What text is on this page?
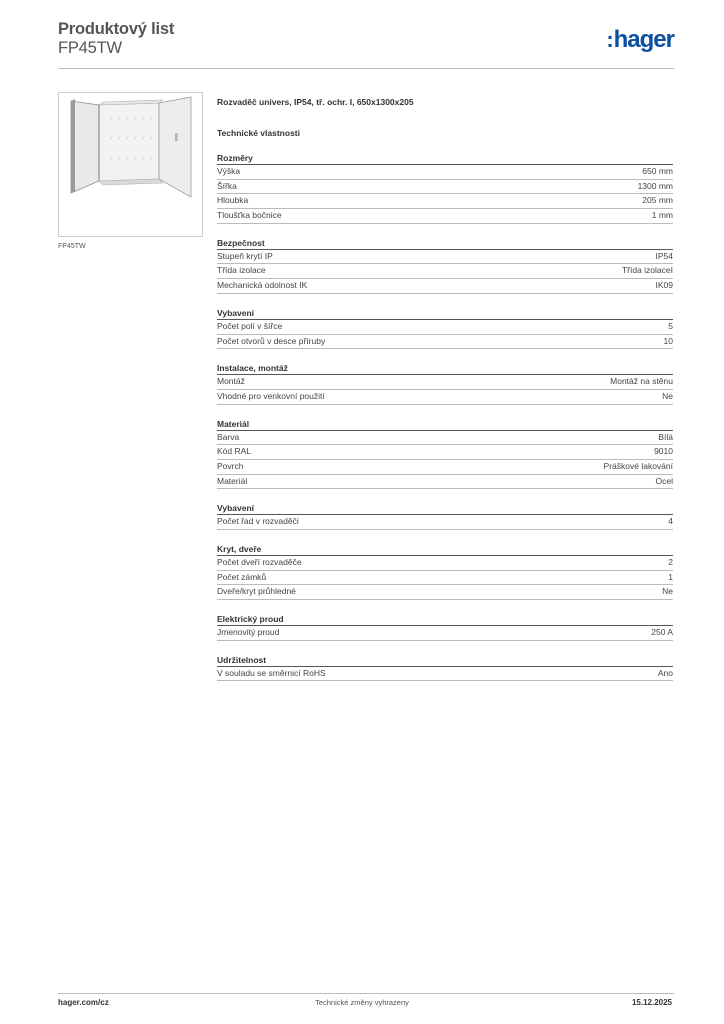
Produktový list
FP45TW	:hager
FP45TW
Rozvaděč univers, IP54, tř. ochr. I, 650x1300x205
Technické vlastnosti
Rozměry
Výška	650 mm
Šířka	1300 mm
Hloubka	205 mm
Tloušťka bočnice	1 mm
Bezpečnost
Stupeň krytí IP	IP54
Třída izolace	Třída izolaceI
Mechanická odolnost IK	IK09
Vybavení
Počet polí v šířce	5
Počet otvorů v desce příruby	10
Instalace, montáž
Montáž	Montáž na stěnu
Vhodné pro venkovní použití	Ne
Materiál
Barva	Bílá
Kód RAL	9010
Povrch	Práškové lakování
Materiál	Ocel
Vybavení
Počet řad v rozvaděči	4
Kryt, dveře
Počet dveří rozvaděče	2
Počet zámků	1
Dveře/kryt průhledné	Ne
Elektrický proud
Jmenovitý proud	250 A
Udržitelnost
V souladu se směrnicí RoHS	Ano
hager.com/cz	Technické změny vyhrazeny	15.12.2025
